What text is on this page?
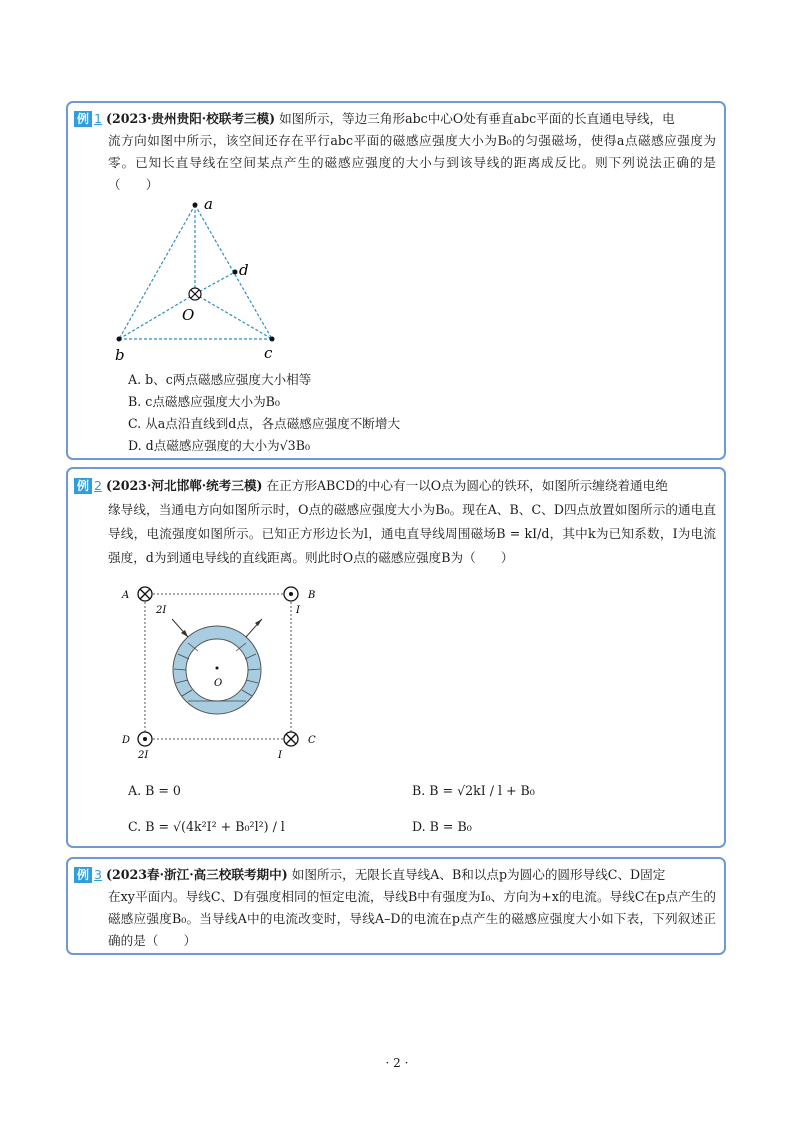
例 1 (2023·贵州贵阳·校联考三模) 如图所示，等边三角形abc中心O处有垂直abc平面的长直通电导线，电
流方向如图中所示，该空间还存在平行abc平面的磁感应强度大小为B₀的匀强磁场，使得a点磁感应强度为零。已知长直导线在空间某点产生的磁感应强度的大小与到该导线的距离成反比。则下列说法正确的是（　　）
a
b	c
d
O
A. b、c两点磁感应强度大小相等
B. c点磁感应强度大小为B₀
C. 从a点沿直线到d点，各点磁感应强度不断增大
D. d点磁感应强度的大小为√3B₀
例 2 (2023·河北邯郸·统考三模) 在正方形ABCD的中心有一以O点为圆心的铁环，如图所示缠绕着通电绝
缘导线，当通电方向如图所示时，O点的磁感应强度大小为B₀。现在A、B、C、D四点放置如图所示的通电直导线，电流强度如图所示。已知正方形边长为l，通电直导线周围磁场B = kI/d，其中k为已知系数，I为电流强度，d为到通电导线的直线距离。则此时O点的磁感应强度B为（　　）
A	B
C
D
O
2I	I
I
2I
A. B = 0	B. B = √2kI / l + B₀
C. B = √(4k²I² + B₀²l²) / l	D. B = B₀
例 3 (2023春·浙江·高三校联考期中) 如图所示，无限长直导线A、B和以点p为圆心的圆形导线C、D固定
在xy平面内。导线C、D有强度相同的恒定电流，导线B中有强度为I₀、方向为+x的电流。导线C在p点产生的磁感应强度B₀。当导线A中的电流改变时，导线A–D的电流在p点产生的磁感应强度大小如下表，下列叙述正确的是（　　）
· 2 ·
